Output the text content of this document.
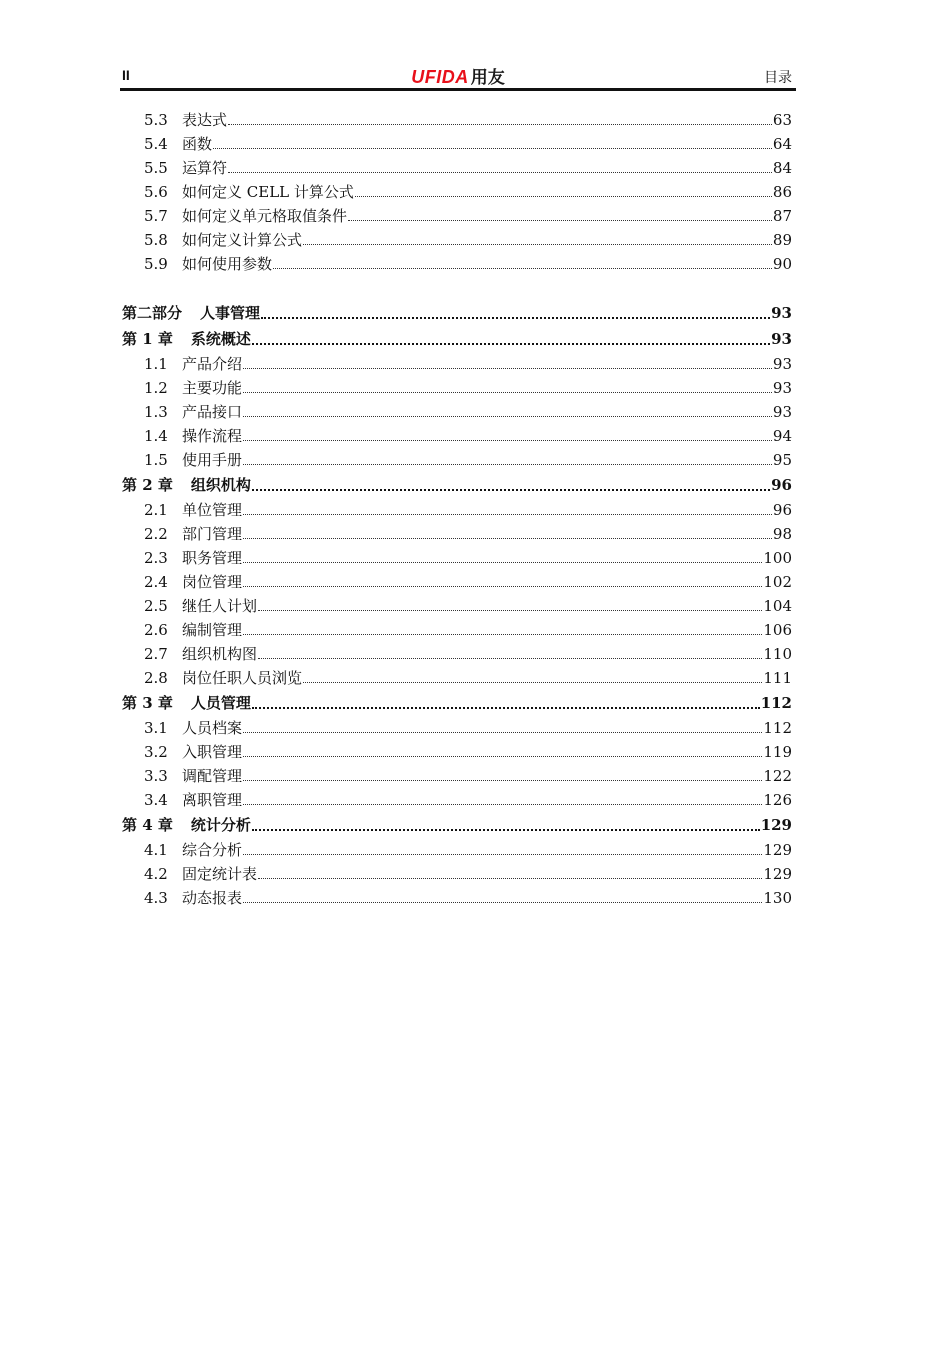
II	UFIDA 用友	目录
5.3 表达式	63
5.4 函数	64
5.5 运算符	84
5.6 如何定义 CELL 计算公式	86
5.7 如何定义单元格取值条件	87
5.8 如何定义计算公式	89
5.9 如何使用参数	90
第二部分 人事管理	93
第 1 章 系统概述	93
1.1 产品介绍	93
1.2 主要功能	93
1.3 产品接口	93
1.4 操作流程	94
1.5 使用手册	95
第 2 章 组织机构	96
2.1 单位管理	96
2.2 部门管理	98
2.3 职务管理	100
2.4 岗位管理	102
2.5 继任人计划	104
2.6 编制管理	106
2.7 组织机构图	110
2.8 岗位任职人员浏览	111
第 3 章 人员管理	112
3.1 人员档案	112
3.2 入职管理	119
3.3 调配管理	122
3.4 离职管理	126
第 4 章 统计分析	129
4.1 综合分析	129
4.2 固定统计表	129
4.3 动态报表	130
